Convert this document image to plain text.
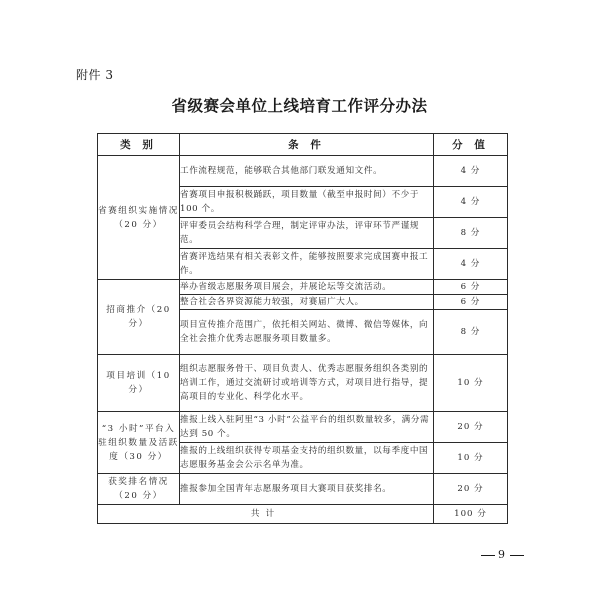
附件 3
省级赛会单位上线培育工作评分办法
类 别	条 件	分 值
省赛组织实施情况（20 分）	工作流程规范，能够联合其他部门联发通知文件。	4 分
	省赛项目申报积极踊跃，项目数量（截至申报时间）不少于 100 个。	4 分
	评审委员会结构科学合理，制定评审办法，评审环节严谨规范。	8 分
	省赛评选结果有相关表彰文件，能够按照要求完成国赛申报工作。	4 分
招商推介（20 分）	举办省级志愿服务项目展会，并展论坛等交流活动。	6 分
	整合社会各界资源能力较强，对赛届广大人。	6 分
	项目宣传推介范围广，依托相关网站、微博、微信等媒体，向全社会推介优秀志愿服务项目数量多。	8 分
项目培训（10 分）	组织志愿服务骨干、项目负责人、优秀志愿服务组织各类别的培训工作，通过交流研讨或培训等方式，对项目进行指导，提高项目的专业化、科学化水平。	10 分
“3 小时”平台入驻组织数量及活跃度（30 分）	推报上线入驻阿里“3 小时”公益平台的组织数量较多，满分需达到 50 个。	20 分
	推报的上线组织获得专项基金支持的组织数量，以每季度中国志愿服务基金会公示名单为准。	10 分
获奖排名情况（20 分）	推报参加全国青年志愿服务项目大赛项目获奖排名。	20 分
共计		100 分
9
